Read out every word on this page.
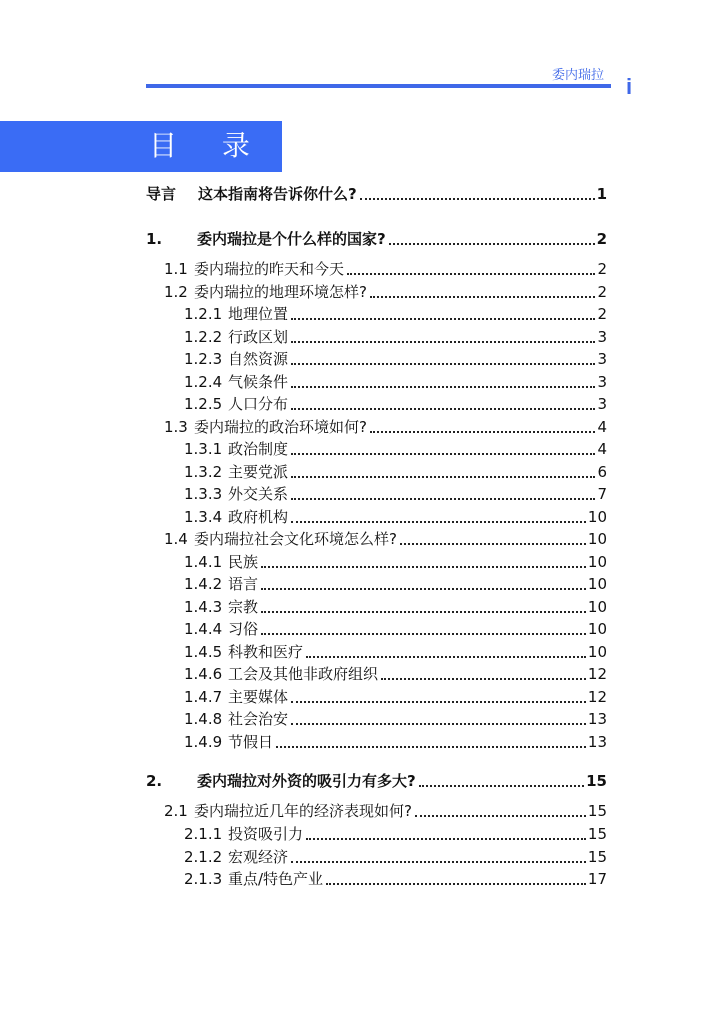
委内瑞拉 i
目 录
导言	这本指南将告诉你什么?	1
1.	委内瑞拉是个什么样的国家?	2
1.1 委内瑞拉的昨天和今天	2
1.2 委内瑞拉的地理环境怎样?	2
1.2.1 地理位置	2
1.2.2 行政区划	3
1.2.3 自然资源	3
1.2.4 气候条件	3
1.2.5 人口分布	3
1.3 委内瑞拉的政治环境如何?	4
1.3.1 政治制度	4
1.3.2 主要党派	6
1.3.3 外交关系	7
1.3.4 政府机构	10
1.4 委内瑞拉社会文化环境怎么样?	10
1.4.1 民族	10
1.4.2 语言	10
1.4.3 宗教	10
1.4.4 习俗	10
1.4.5 科教和医疗	10
1.4.6 工会及其他非政府组织	12
1.4.7 主要媒体	12
1.4.8 社会治安	13
1.4.9 节假日	13
2.	委内瑞拉对外资的吸引力有多大?	15
2.1 委内瑞拉近几年的经济表现如何?	15
2.1.1 投资吸引力	15
2.1.2 宏观经济	15
2.1.3 重点/特色产业	17
